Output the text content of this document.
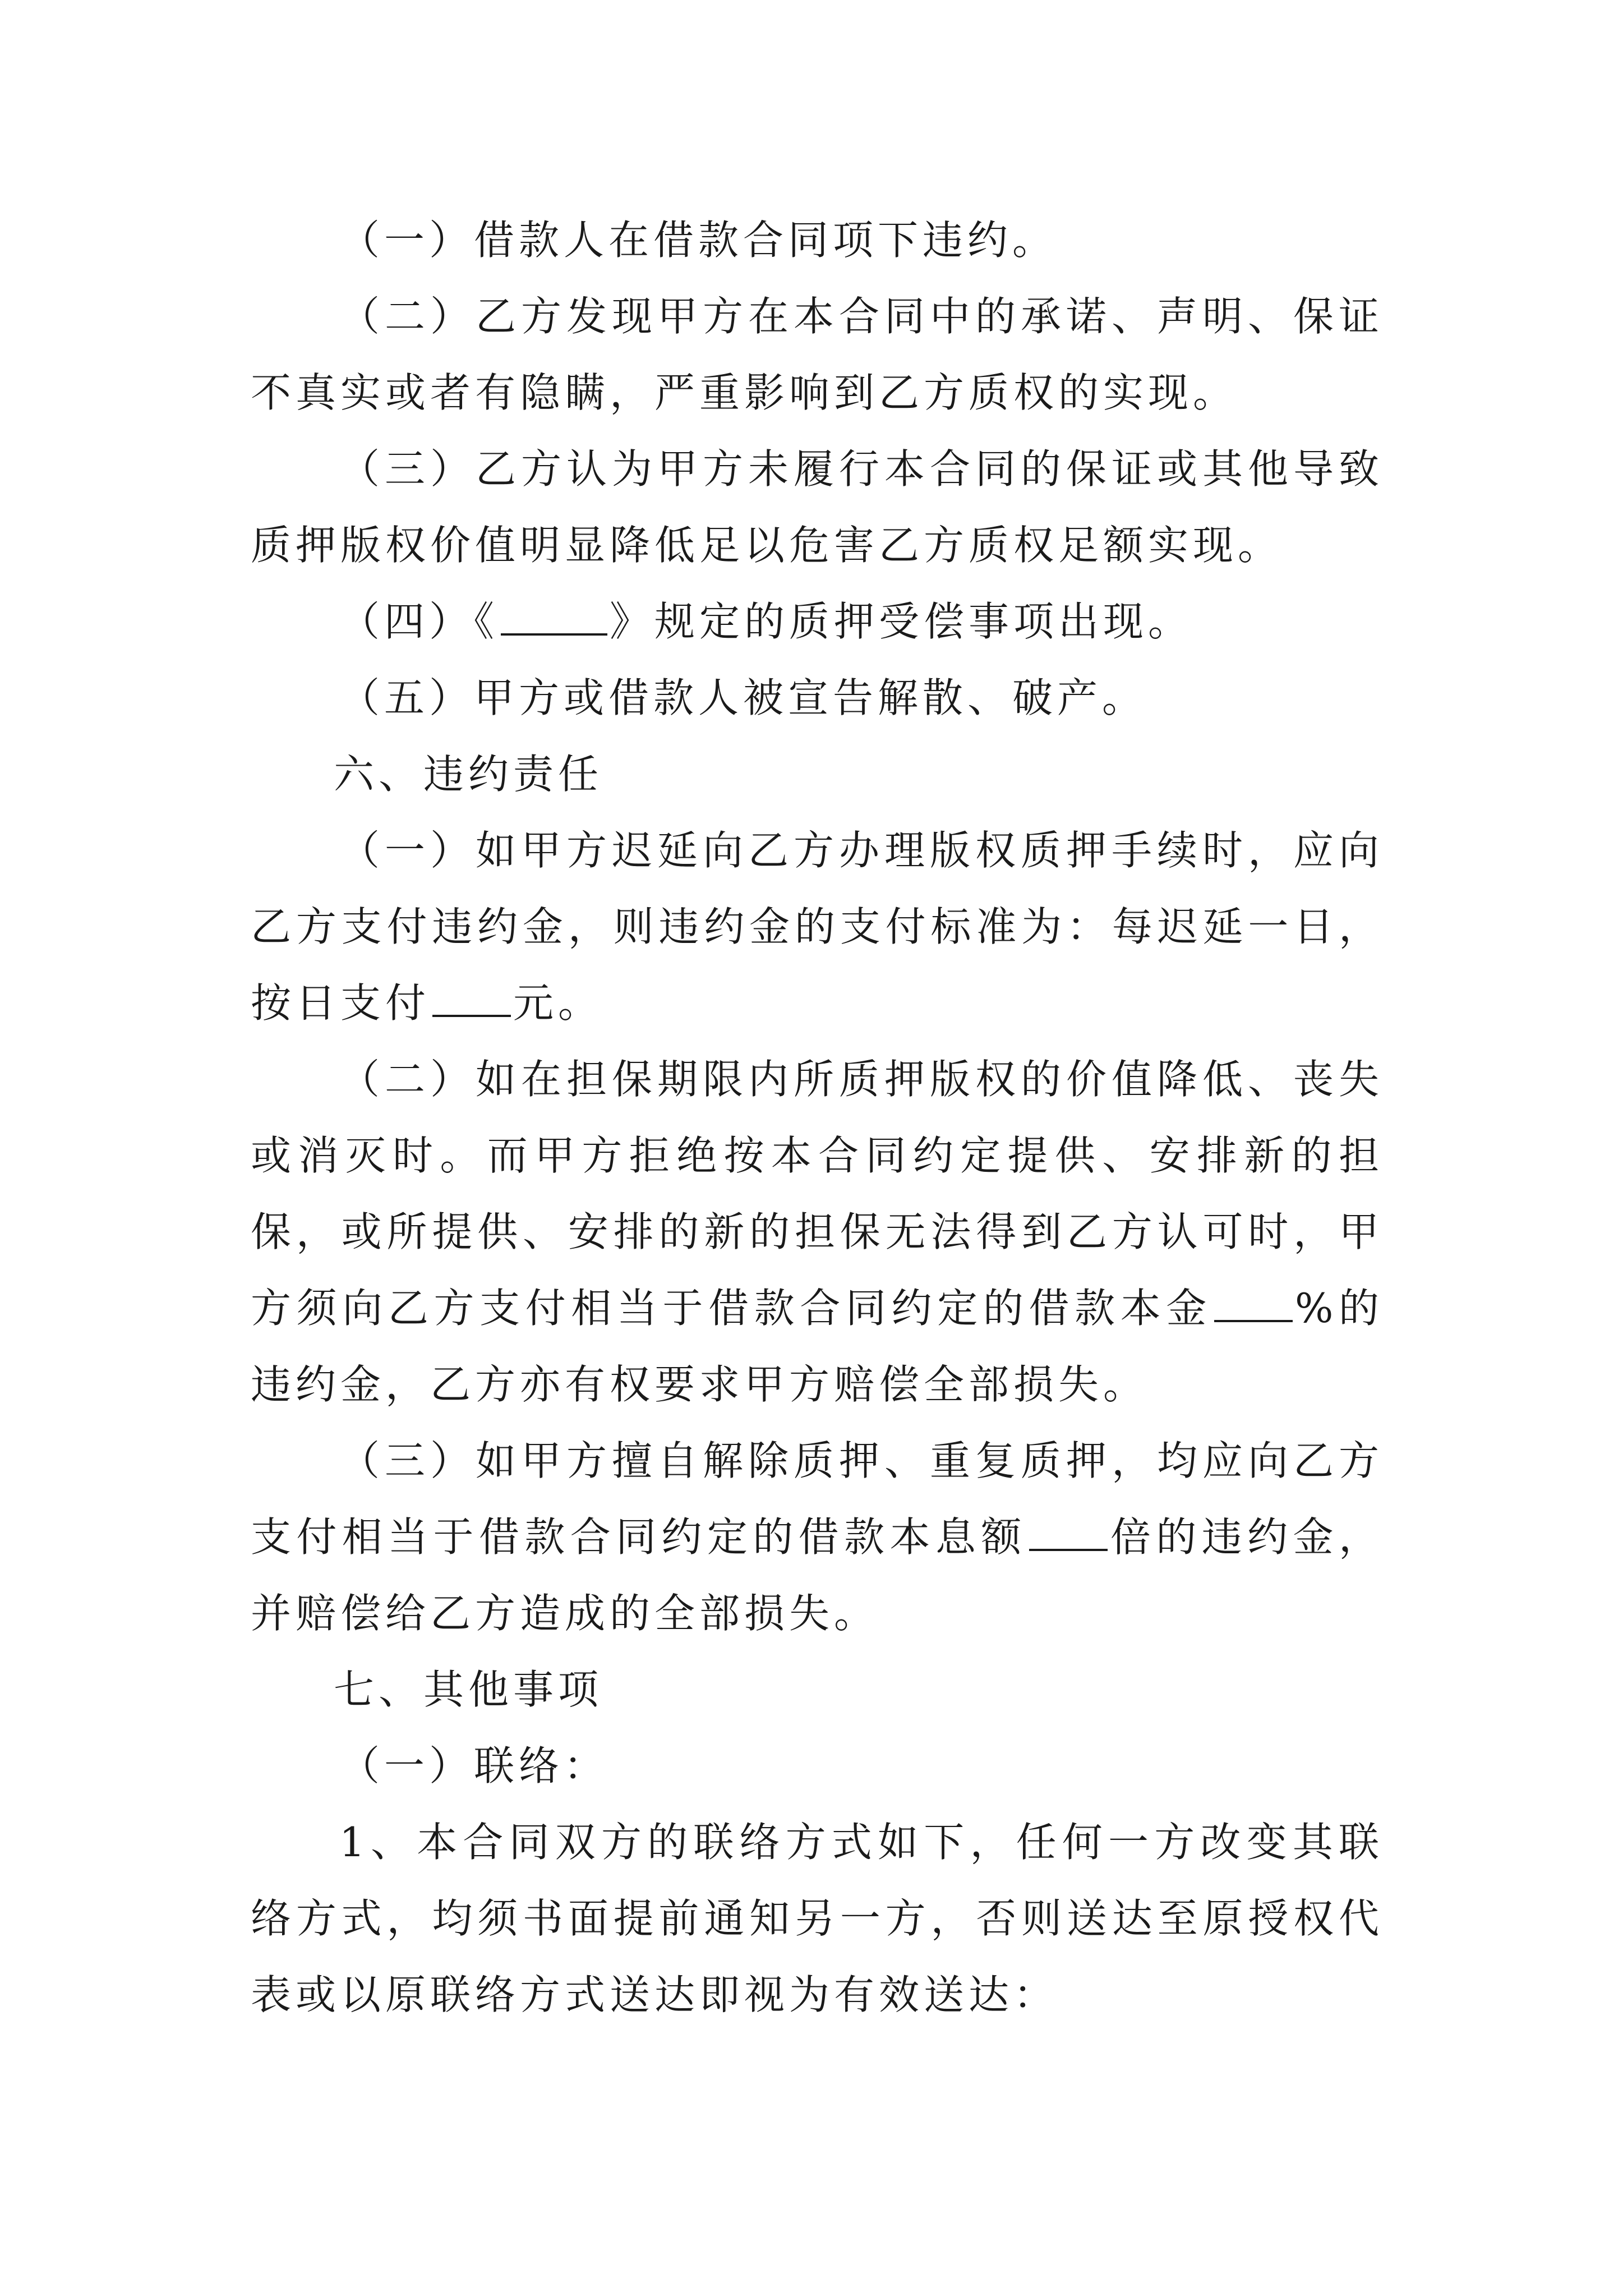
（一）借款人在借款合同项下违约。

（二）乙方发现甲方在本合同中的承诺、声明、保证不真实或者有隐瞒，严重影响到乙方质权的实现。

（三）乙方认为甲方未履行本合同的保证或其他导致质押版权价值明显降低足以危害乙方质权足额实现。

（四）《	》规定的质押受偿事项出现。

（五）甲方或借款人被宣告解散、破产。

六、违约责任

（一）如甲方迟延向乙方办理版权质押手续时，应向乙方支付违约金，则违约金的支付标准为：每迟延一日，按日支付 元。

（二）如在担保期限内所质押版权的价值降低、丧失或消灭时。而甲方拒绝按本合同约定提供、安排新的担保，或所提供、安排的新的担保无法得到乙方认可时，甲方须向乙方支付相当于借款合同约定的借款本金 %的违约金，乙方亦有权要求甲方赔偿全部损失。

（三）如甲方擅自解除质押、重复质押，均应向乙方支付相当于借款合同约定的借款本息额 倍的违约金，并赔偿给乙方造成的全部损失。

七、其他事项

（一）联络：

1、本合同双方的联络方式如下，任何一方改变其联络方式，均须书面提前通知另一方，否则送达至原授权代表或以原联络方式送达即视为有效送达：
